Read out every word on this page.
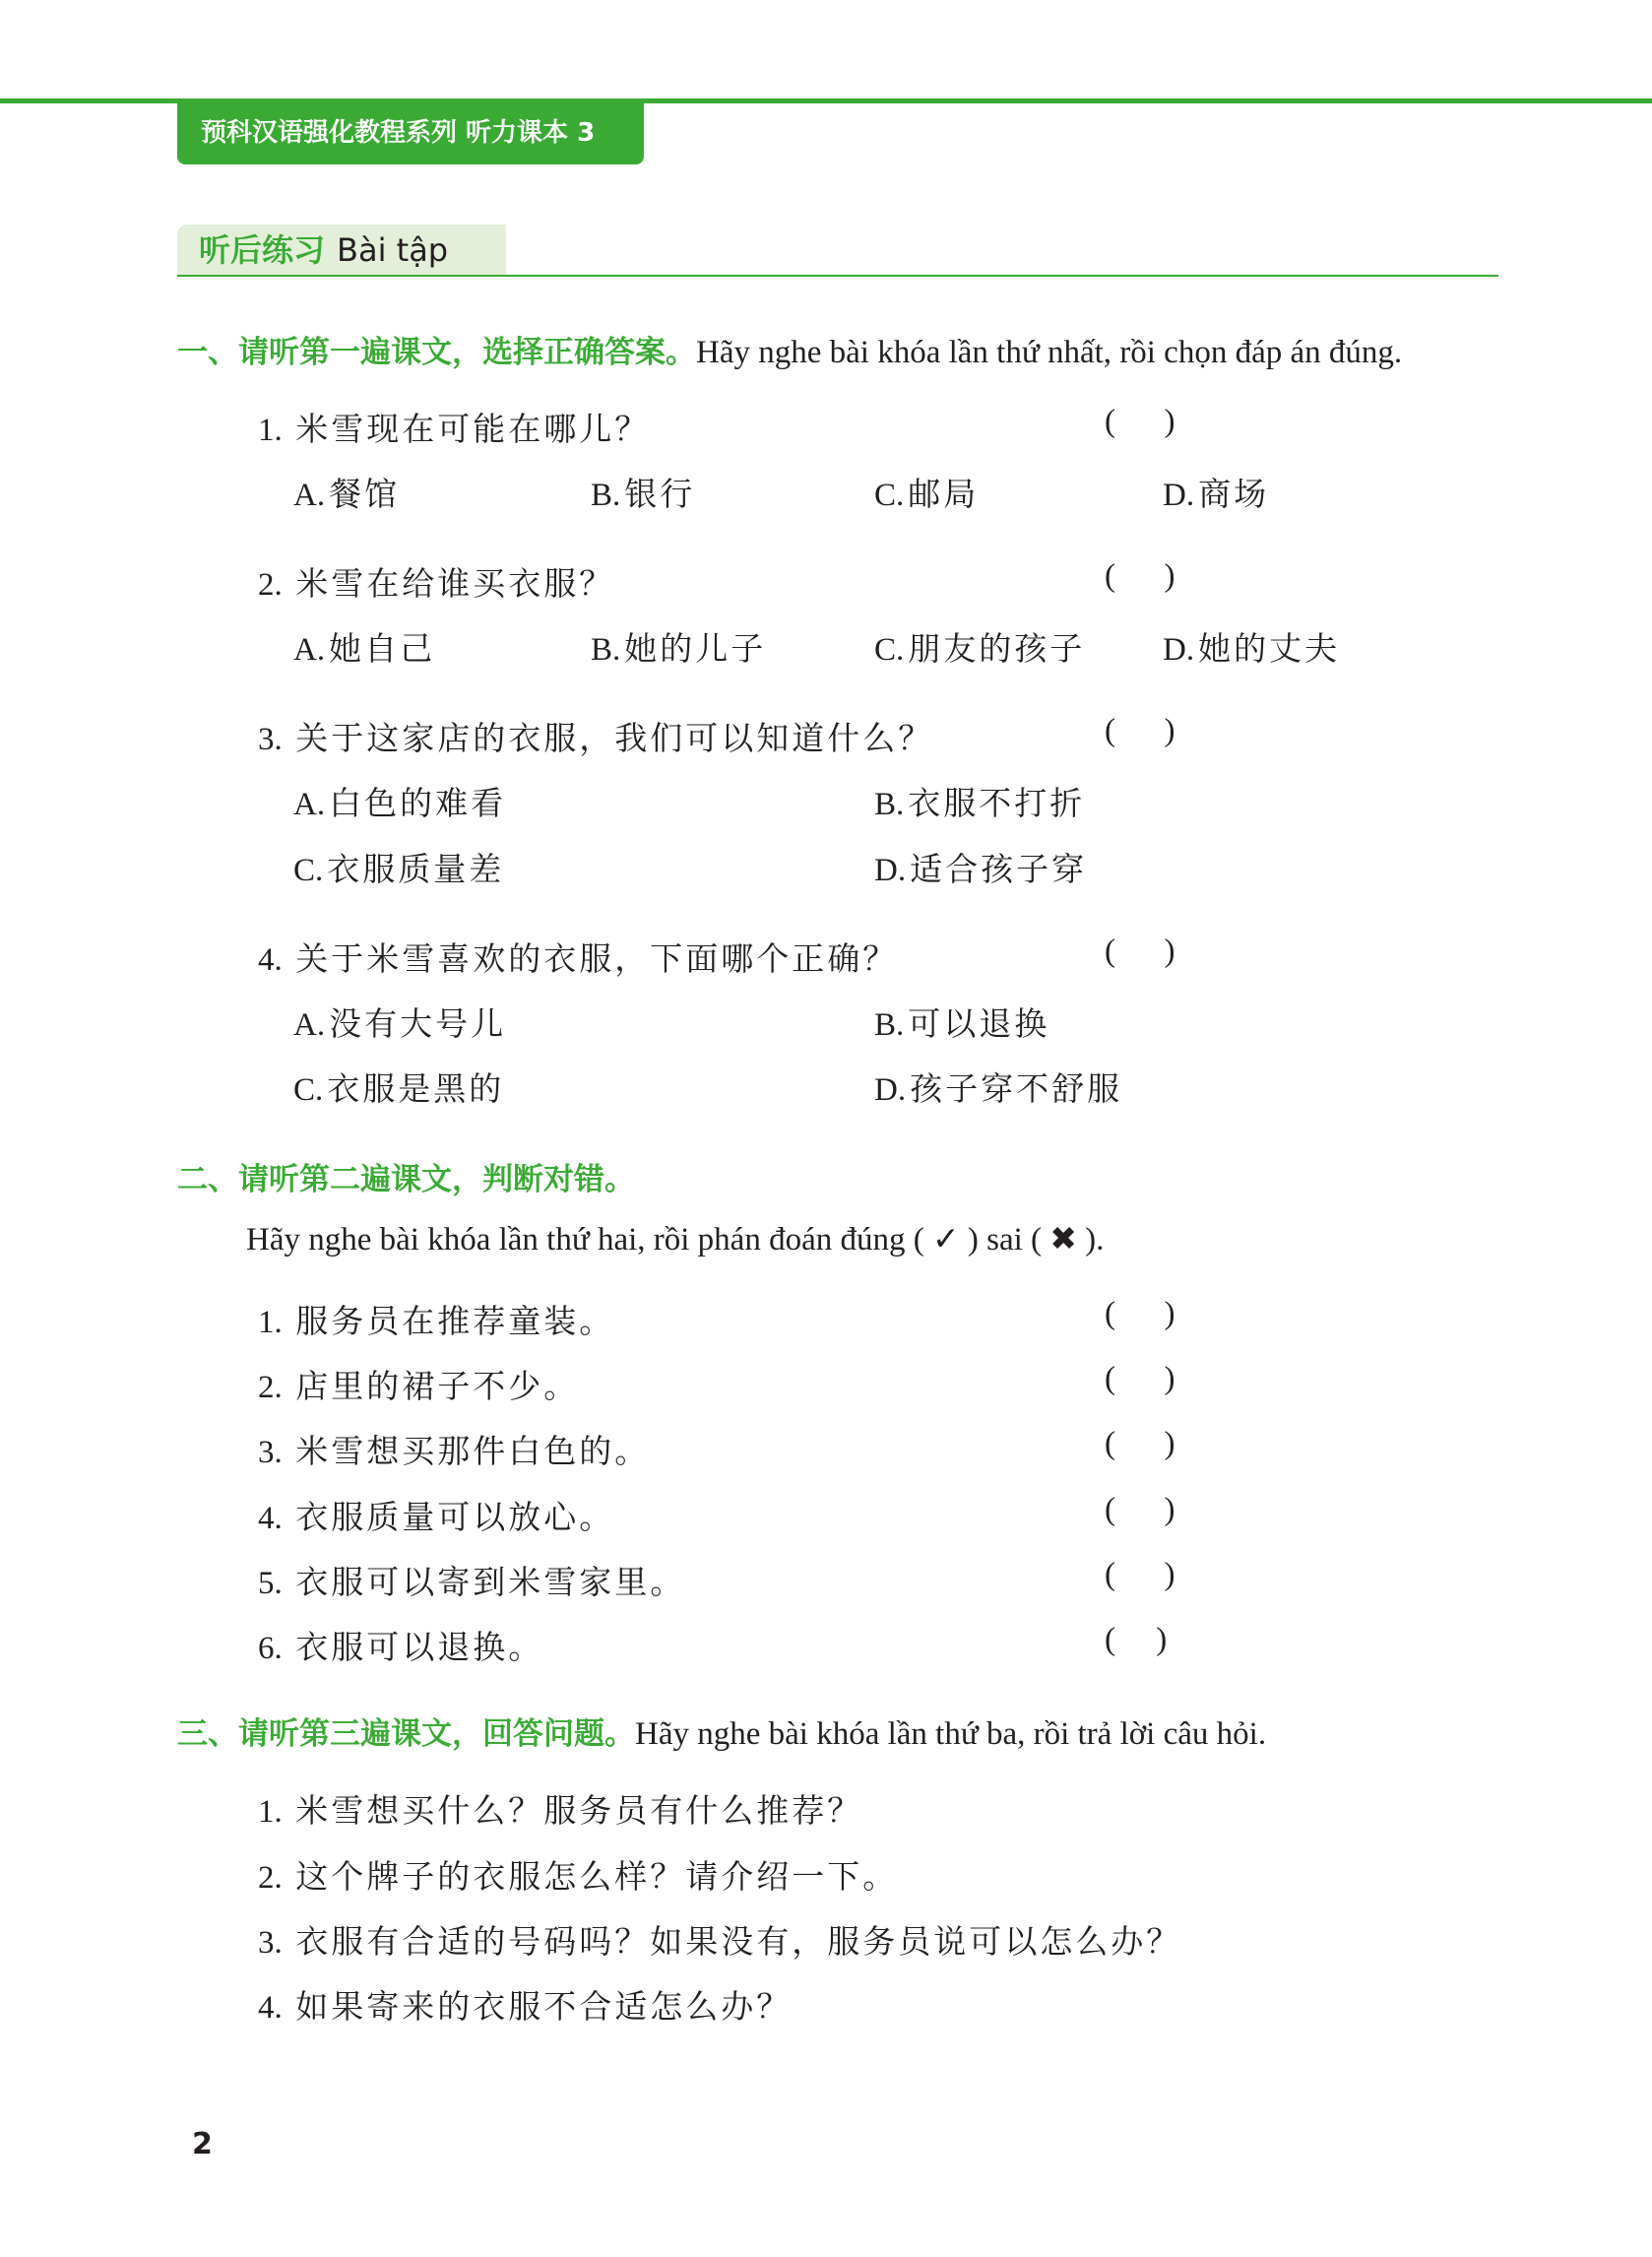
预科汉语强化教程系列 听力课本 3
听后练习 Bài tập
一、请听第一遍课文，选择正确答案。Hãy nghe bài khóa lần thứ nhất, rồi chọn đáp án đúng.
1. 米雪现在可能在哪儿？	(      )
A. 餐馆	B. 银行	C. 邮局	D. 商场
2. 米雪在给谁买衣服？	(      )
A. 她自己	B. 她的儿子	C. 朋友的孩子 D. 她的丈夫
3. 关于这家店的衣服，我们可以知道什么？	(      )
A. 白色的难看	B. 衣服不打折
C. 衣服质量差	D. 适合孩子穿
4. 关于米雪喜欢的衣服，下面哪个正确？	(      )
A. 没有大号儿	B. 可以退换
C. 衣服是黑的	D. 孩子穿不舒服
二、请听第二遍课文，判断对错。
Hãy nghe bài khóa lần thứ hai, rồi phán đoán đúng ( ✓ ) sai ( ✖ ).
1. 服务员在推荐童装。	(      )
2. 店里的裙子不少。	(      )
3. 米雪想买那件白色的。	(      )
4. 衣服质量可以放心。	(      )
5. 衣服可以寄到米雪家里。	(      )
6. 衣服可以退换。	(     )
三、请听第三遍课文，回答问题。Hãy nghe bài khóa lần thứ ba, rồi trả lời câu hỏi.
1. 米雪想买什么？服务员有什么推荐？
2. 这个牌子的衣服怎么样？请介绍一下。
3. 衣服有合适的号码吗？如果没有，服务员说可以怎么办？
4. 如果寄来的衣服不合适怎么办？
2
